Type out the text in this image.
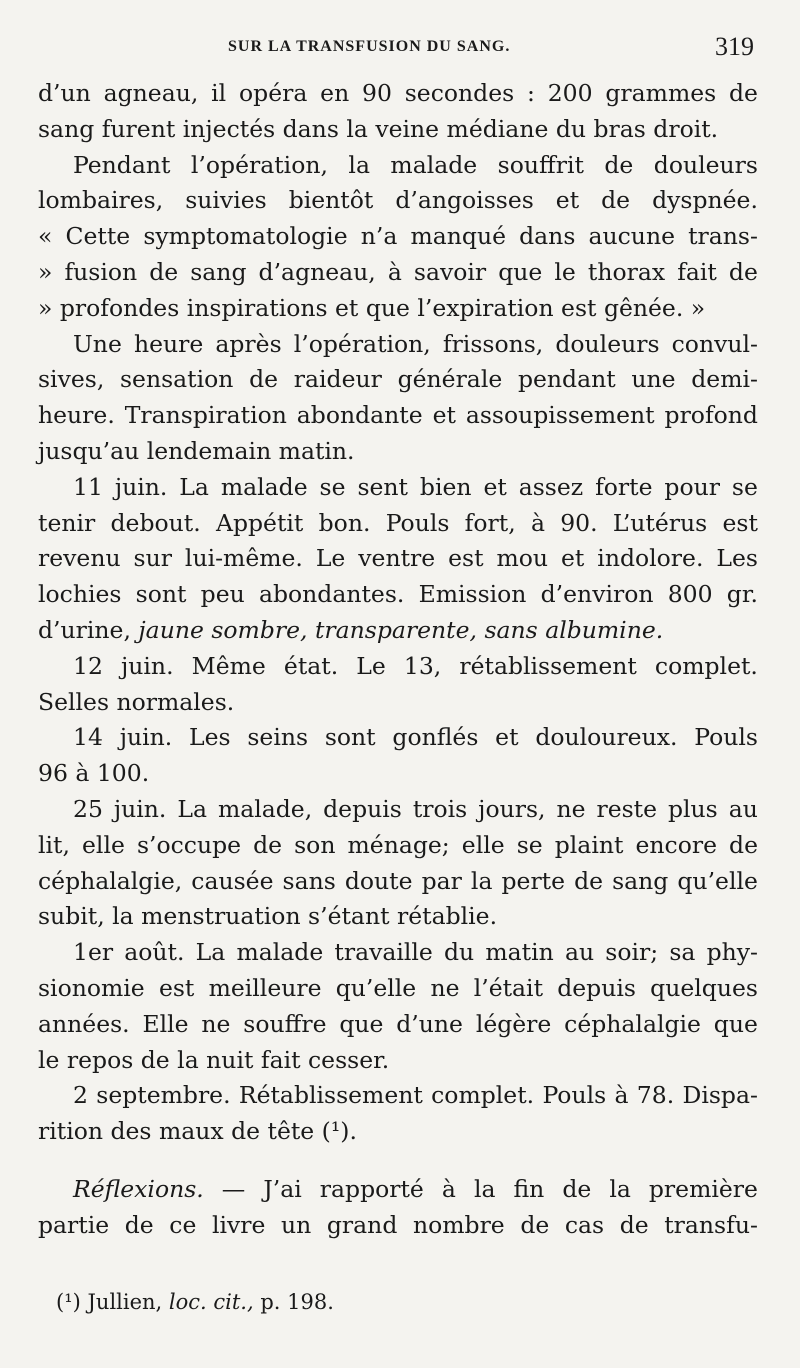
SUR LA TRANSFUSION DU SANG.	319
d’un agneau, il opéra en 90 secondes : 200 grammes de
sang furent injectés dans la veine médiane du bras droit.
Pendant l’opération, la malade souffrit de douleurs
lombaires, suivies bientôt d’angoisses et de dyspnée.
« Cette symptomatologie n’a manqué dans aucune trans-
» fusion de sang d’agneau, à savoir que le thorax fait de
» profondes inspirations et que l’expiration est gênée. »
Une heure après l’opération, frissons, douleurs convul-
sives, sensation de raideur générale pendant une demi-
heure. Transpiration abondante et assoupissement profond
jusqu’au lendemain matin.
11 juin. La malade se sent bien et assez forte pour se
tenir debout. Appétit bon. Pouls fort, à 90. L’utérus est
revenu sur lui-même. Le ventre est mou et indolore. Les
lochies sont peu abondantes. Emission d’environ 800 gr.
d’urine, jaune sombre, transparente, sans albumine.
12 juin. Même état. Le 13, rétablissement complet.
Selles normales.
14 juin. Les seins sont gonflés et douloureux. Pouls
96 à 100.
25 juin. La malade, depuis trois jours, ne reste plus au
lit, elle s’occupe de son ménage; elle se plaint encore de
céphalalgie, causée sans doute par la perte de sang qu’elle
subit, la menstruation s’étant rétablie.
1er août. La malade travaille du matin au soir; sa phy-
sionomie est meilleure qu’elle ne l’était depuis quelques
années. Elle ne souffre que d’une légère céphalalgie que
le repos de la nuit fait cesser.
2 septembre. Rétablissement complet. Pouls à 78. Dispa-
rition des maux de tête (¹).
Réflexions. — J’ai rapporté à la fin de la première
partie de ce livre un grand nombre de cas de transfu-
(¹) Jullien, loc. cit., p. 198.
